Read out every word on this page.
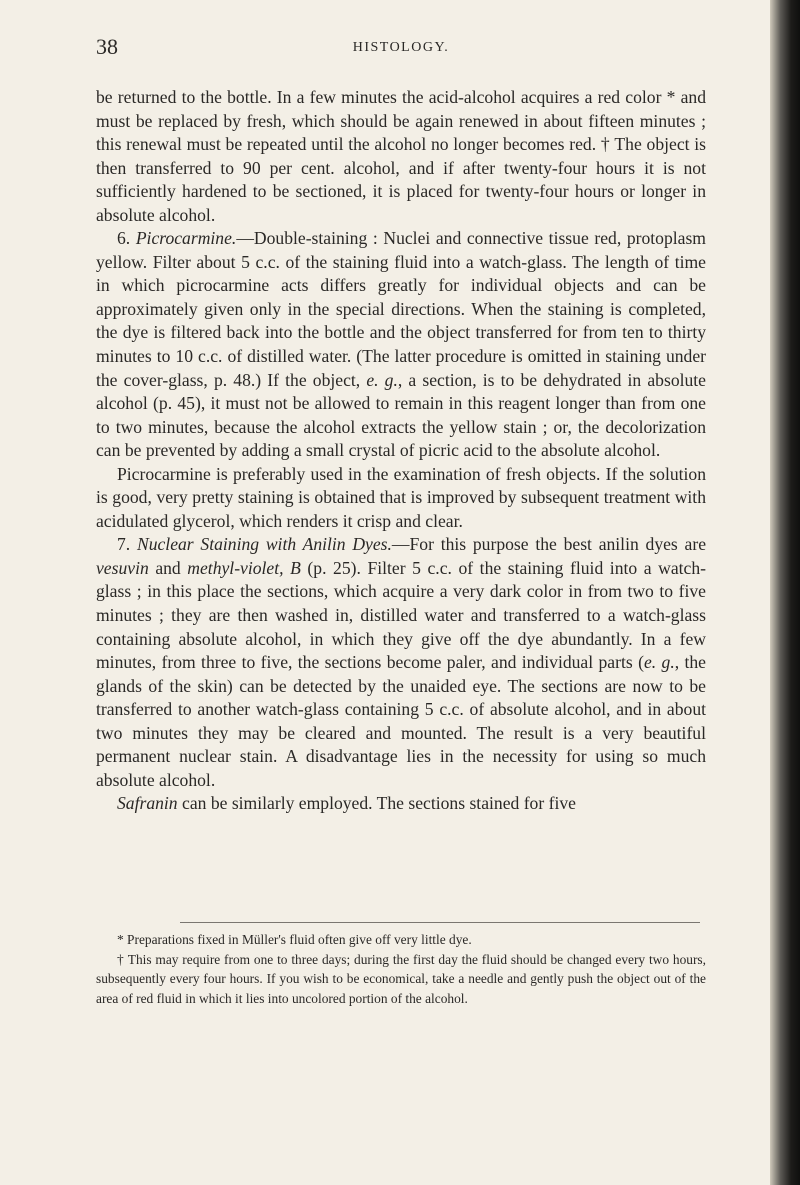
38	HISTOLOGY.

be returned to the bottle. In a few minutes the acid-alcohol acquires a red color * and must be replaced by fresh, which should be again renewed in about fifteen minutes ; this renewal must be repeated until the alcohol no longer becomes red. † The object is then transferred to 90 per cent. alcohol, and if after twenty-four hours it is not sufficiently hardened to be sectioned, it is placed for twenty-four hours or longer in absolute alcohol.

6. Picrocarmine.—Double-staining : Nuclei and connective tissue red, protoplasm yellow. Filter about 5 c.c. of the staining fluid into a watch-glass. The length of time in which picrocarmine acts differs greatly for individual objects and can be approximately given only in the special directions. When the staining is completed, the dye is filtered back into the bottle and the object transferred for from ten to thirty minutes to 10 c.c. of distilled water. (The latter procedure is omitted in staining under the cover-glass, p. 48.) If the object, e. g., a section, is to be dehydrated in absolute alcohol (p. 45), it must not be allowed to remain in this reagent longer than from one to two minutes, because the alcohol extracts the yellow stain ; or, the decolorization can be prevented by adding a small crystal of picric acid to the absolute alcohol.

Picrocarmine is preferably used in the examination of fresh objects. If the solution is good, very pretty staining is obtained that is improved by subsequent treatment with acidulated glycerol, which renders it crisp and clear.

7. Nuclear Staining with Anilin Dyes.—For this purpose the best anilin dyes are vesuvin and methyl-violet, B (p. 25). Filter 5 c.c. of the staining fluid into a watch-glass ; in this place the sections, which acquire a very dark color in from two to five minutes ; they are then washed in, distilled water and transferred to a watch-glass containing absolute alcohol, in which they give off the dye abundantly. In a few minutes, from three to five, the sections become paler, and individual parts (e. g., the glands of the skin) can be detected by the unaided eye. The sections are now to be transferred to another watch-glass containing 5 c.c. of absolute alcohol, and in about two minutes they may be cleared and mounted. The result is a very beautiful permanent nuclear stain. A disadvantage lies in the necessity for using so much absolute alcohol.

Safranin can be similarly employed. The sections stained for five

* Preparations fixed in Müller's fluid often give off very little dye.

† This may require from one to three days; during the first day the fluid should be changed every two hours, subsequently every four hours. If you wish to be economical, take a needle and gently push the object out of the area of red fluid in which it lies into uncolored portion of the alcohol.
